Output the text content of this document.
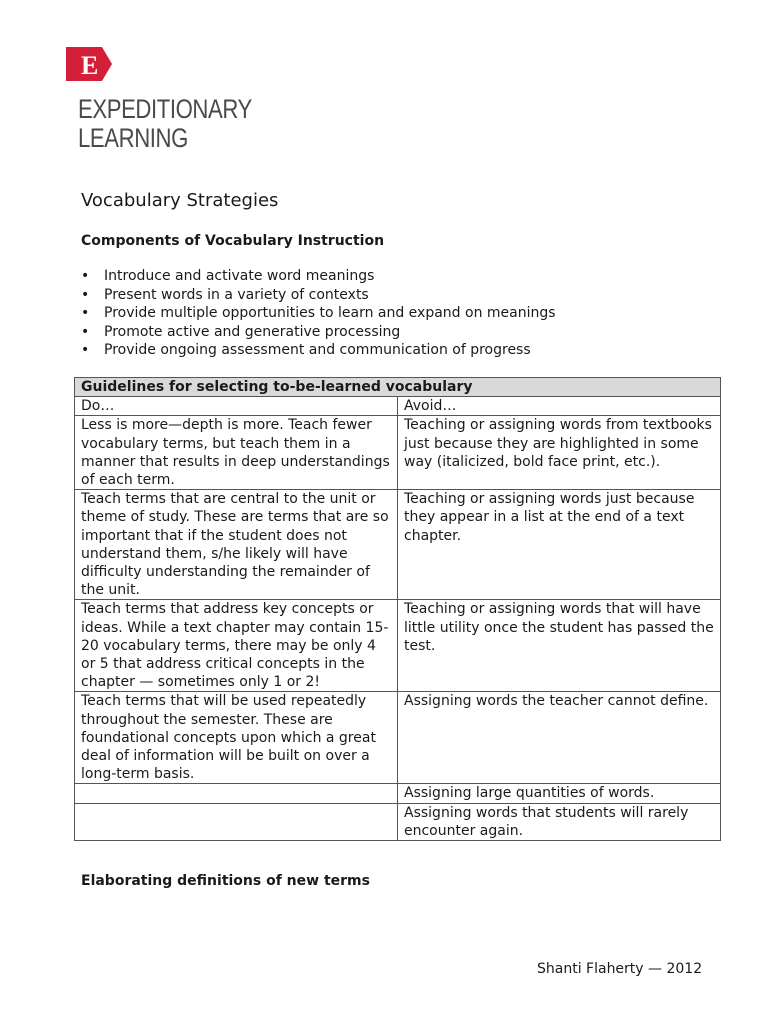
E
EXPEDITIONARY
LEARNING
Vocabulary Strategies
Components of Vocabulary Instruction
• Introduce and activate word meanings
• Present words in a variety of contexts
• Provide multiple opportunities to learn and expand on meanings
• Promote active and generative processing
• Provide ongoing assessment and communication of progress
Guidelines for selecting to-be-learned vocabulary	
Do…	Avoid…
Less is more—depth is more. Teach fewer vocabulary terms, but teach them in a manner that results in deep understandings of each term.	Teaching or assigning words from textbooks just because they are highlighted in some way (italicized, bold face print, etc.).
Teach terms that are central to the unit or theme of study. These are terms that are so important that if the student does not understand them, s/he likely will have difficulty understanding the remainder of the unit.	Teaching or assigning words just because they appear in a list at the end of a text chapter.
Teach terms that address key concepts or ideas. While a text chapter may contain 15-20 vocabulary terms, there may be only 4 or 5 that address critical concepts in the chapter — sometimes only 1 or 2!	Teaching or assigning words that will have little utility once the student has passed the test.
Teach terms that will be used repeatedly throughout the semester. These are foundational concepts upon which a great deal of information will be built on over a long-term basis.	Assigning words the teacher cannot define.
	Assigning large quantities of words.
	Assigning words that students will rarely encounter again.
Elaborating definitions of new terms
Shanti Flaherty — 2012
